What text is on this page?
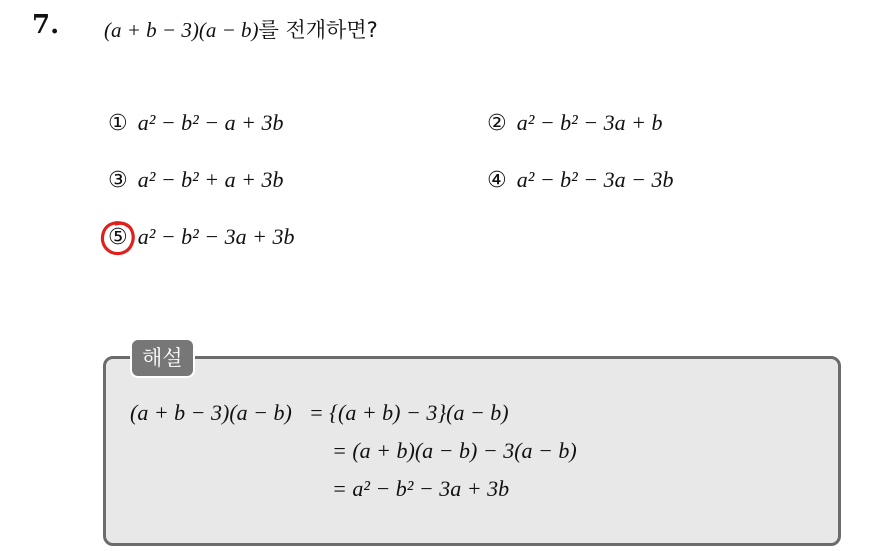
7. (a + b − 3)(a − b)를 전개하면?
① a² − b² − a + 3b	② a² − b² − 3a + b
③ a² − b² + a + 3b	④ a² − b² − 3a − 3b
⑤ a² − b² − 3a + 3b
해설
(a + b − 3)(a − b) = {(a + b) − 3}(a − b)
= (a + b)(a − b) − 3(a − b)
= a² − b² − 3a + 3b
